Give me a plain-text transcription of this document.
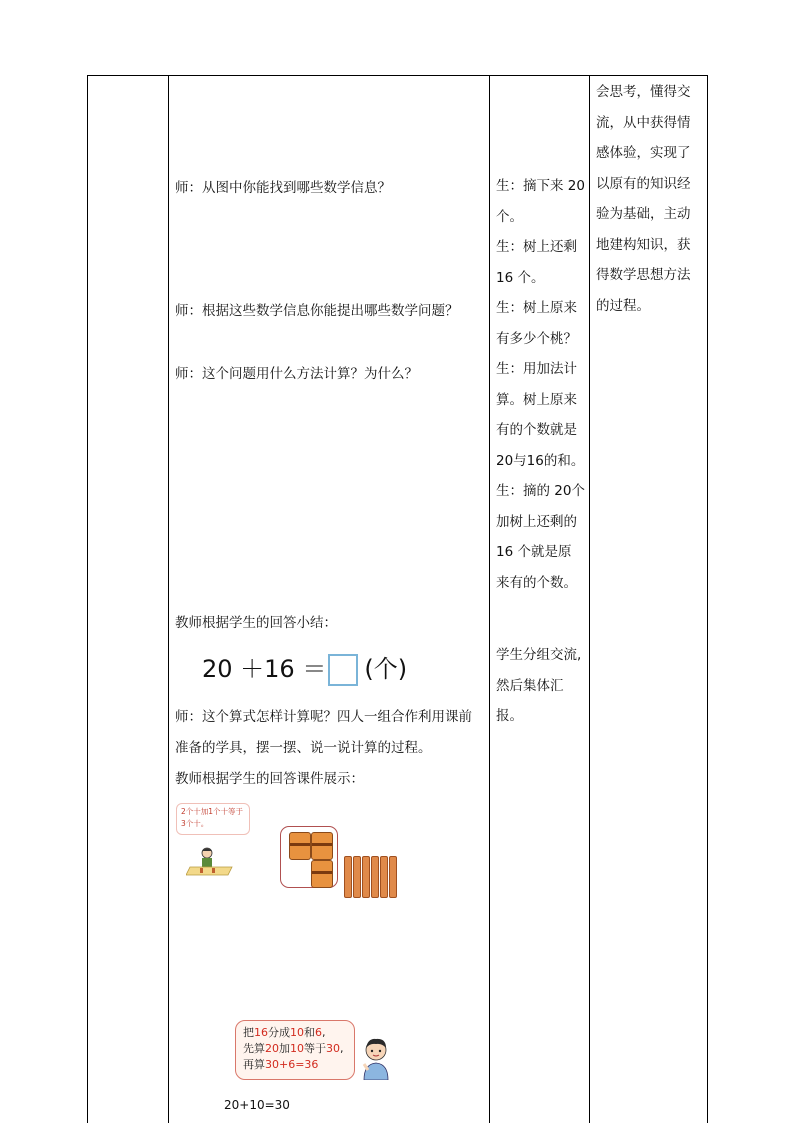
师：从图中你能找到哪些数学信息？
师：根据这些数学信息你能提出哪些数学问题？
师：这个问题用什么方法计算？为什么？
教师根据学生的回答小结：
20 ＋16 ＝ (个)
师：这个算式怎样计算呢？四人一组合作利用课前
准备的学具，摆一摆、说一说计算的过程。
教师根据学生的回答课件展示：
2个十加1个十等于
3个十。
把16分成10和6,
先算20加10等于30,
再算30+6=36
20+10=30
生：摘下来 20
个。
生：树上还剩
16 个。
生：树上原来
有多少个桃？
生：用加法计
算。树上原来
有的个数就是
20与16的和。
生：摘的 20个
加树上还剩的
16 个就是原
来有的个数。
学生分组交流,
然后集体汇报。
会思考，懂得交
流，从中获得情
感体验，实现了
以原有的知识经
验为基础，主动
地建构知识，获
得数学思想方法
的过程。
